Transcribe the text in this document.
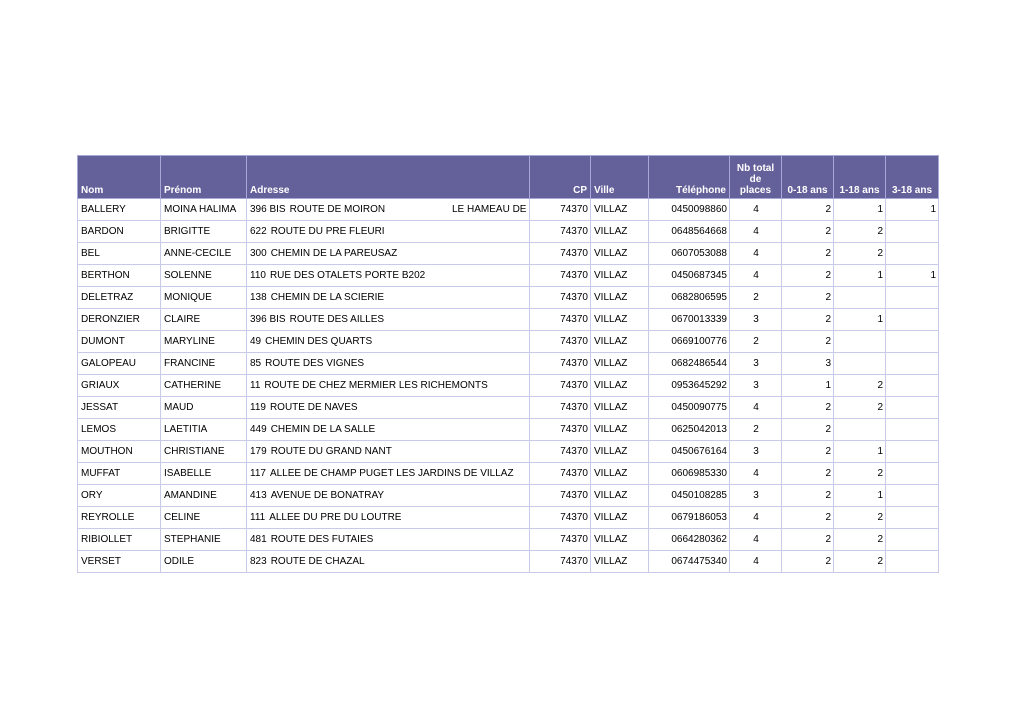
Nom	Prénom	Adresse	CP	Ville	Téléphone	Nb total de places	0-18 ans	1-18 ans	3-18 ans
BALLERY	MOINA HALIMA	396 BIS ROUTE DE MOIRON LE HAMEAU DE	74370	VILLAZ	0450098860	4	2	1	1
BARDON	BRIGITTE	622 ROUTE DU PRE FLEURI	74370	VILLAZ	0648564668	4	2	2	
BEL	ANNE-CECILE	300 CHEMIN DE LA PAREUSAZ	74370	VILLAZ	0607053088	4	2	2	
BERTHON	SOLENNE	110 RUE DES OTALETS PORTE B202	74370	VILLAZ	0450687345	4	2	1	1
DELETRAZ	MONIQUE	138 CHEMIN DE LA SCIERIE	74370	VILLAZ	0682806595	2	2		
DERONZIER	CLAIRE	396 BIS ROUTE DES AILLES	74370	VILLAZ	0670013339	3	2	1	
DUMONT	MARYLINE	49 CHEMIN DES QUARTS	74370	VILLAZ	0669100776	2	2		
GALOPEAU	FRANCINE	85 ROUTE DES VIGNES	74370	VILLAZ	0682486544	3	3		
GRIAUX	CATHERINE	11 ROUTE DE CHEZ MERMIER LES RICHEMONTS	74370	VILLAZ	0953645292	3	1	2	
JESSAT	MAUD	119 ROUTE DE NAVES	74370	VILLAZ	0450090775	4	2	2	
LEMOS	LAETITIA	449 CHEMIN DE LA SALLE	74370	VILLAZ	0625042013	2	2		
MOUTHON	CHRISTIANE	179 ROUTE DU GRAND NANT	74370	VILLAZ	0450676164	3	2	1	
MUFFAT	ISABELLE	117 ALLEE DE CHAMP PUGET LES JARDINS DE VILLAZ	74370	VILLAZ	0606985330	4	2	2	
ORY	AMANDINE	413 AVENUE DE BONATRAY	74370	VILLAZ	0450108285	3	2	1	
REYROLLE	CELINE	111 ALLEE DU PRE DU LOUTRE	74370	VILLAZ	0679186053	4	2	2	
RIBIOLLET	STEPHANIE	481 ROUTE DES FUTAIES	74370	VILLAZ	0664280362	4	2	2	
VERSET	ODILE	823 ROUTE DE CHAZAL	74370	VILLAZ	0674475340	4	2	2	
